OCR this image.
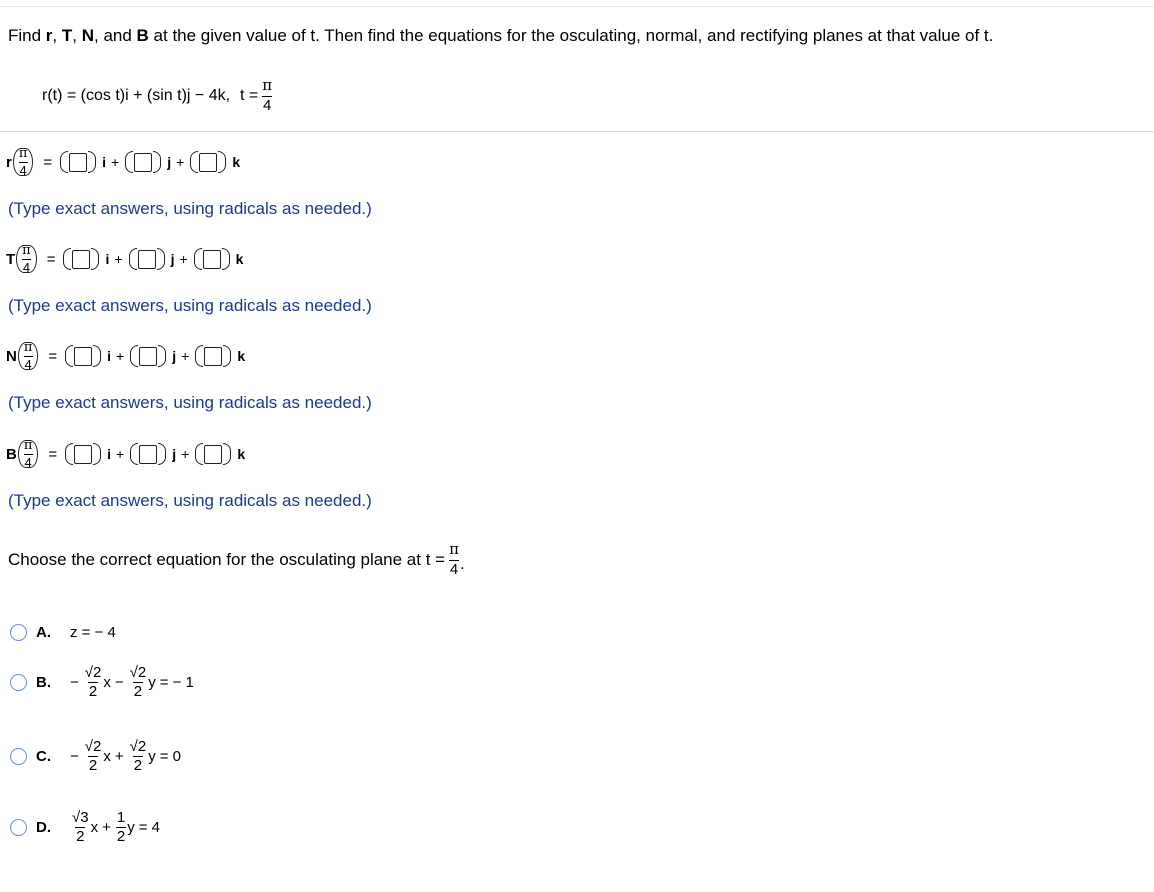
Find r, T, N, and B at the given value of t. Then find the equations for the osculating, normal, and rectifying planes at that value of t.
r(t) = (cos t)i + (sin t)j − 4k, $t = \frac{\pi}{4}$
r $\frac{\pi}{4}$ =	i +	j +	k
(Type exact answers, using radicals as needed.)
T $\frac{\pi}{4}$ =	i +	j +	k
(Type exact answers, using radicals as needed.)
N $\frac{\pi}{4}$ =	i +	j +	k
(Type exact answers, using radicals as needed.)
B $\frac{\pi}{4}$ =	i +	j +	k
(Type exact answers, using radicals as needed.)
Choose the correct equation for the osculating plane at $t = \frac{\pi}{4}$ .
A.	z = − 4
B.	− $\frac{√2}{2}$ $x - \frac{√2}{2}$ y = − 1
C.	− $\frac{√2}{2}$ $x + \frac{√2}{2}$ y = 0
D.	$\frac{√3}{2}$ $x + \frac{1}{2}$ y = 4
